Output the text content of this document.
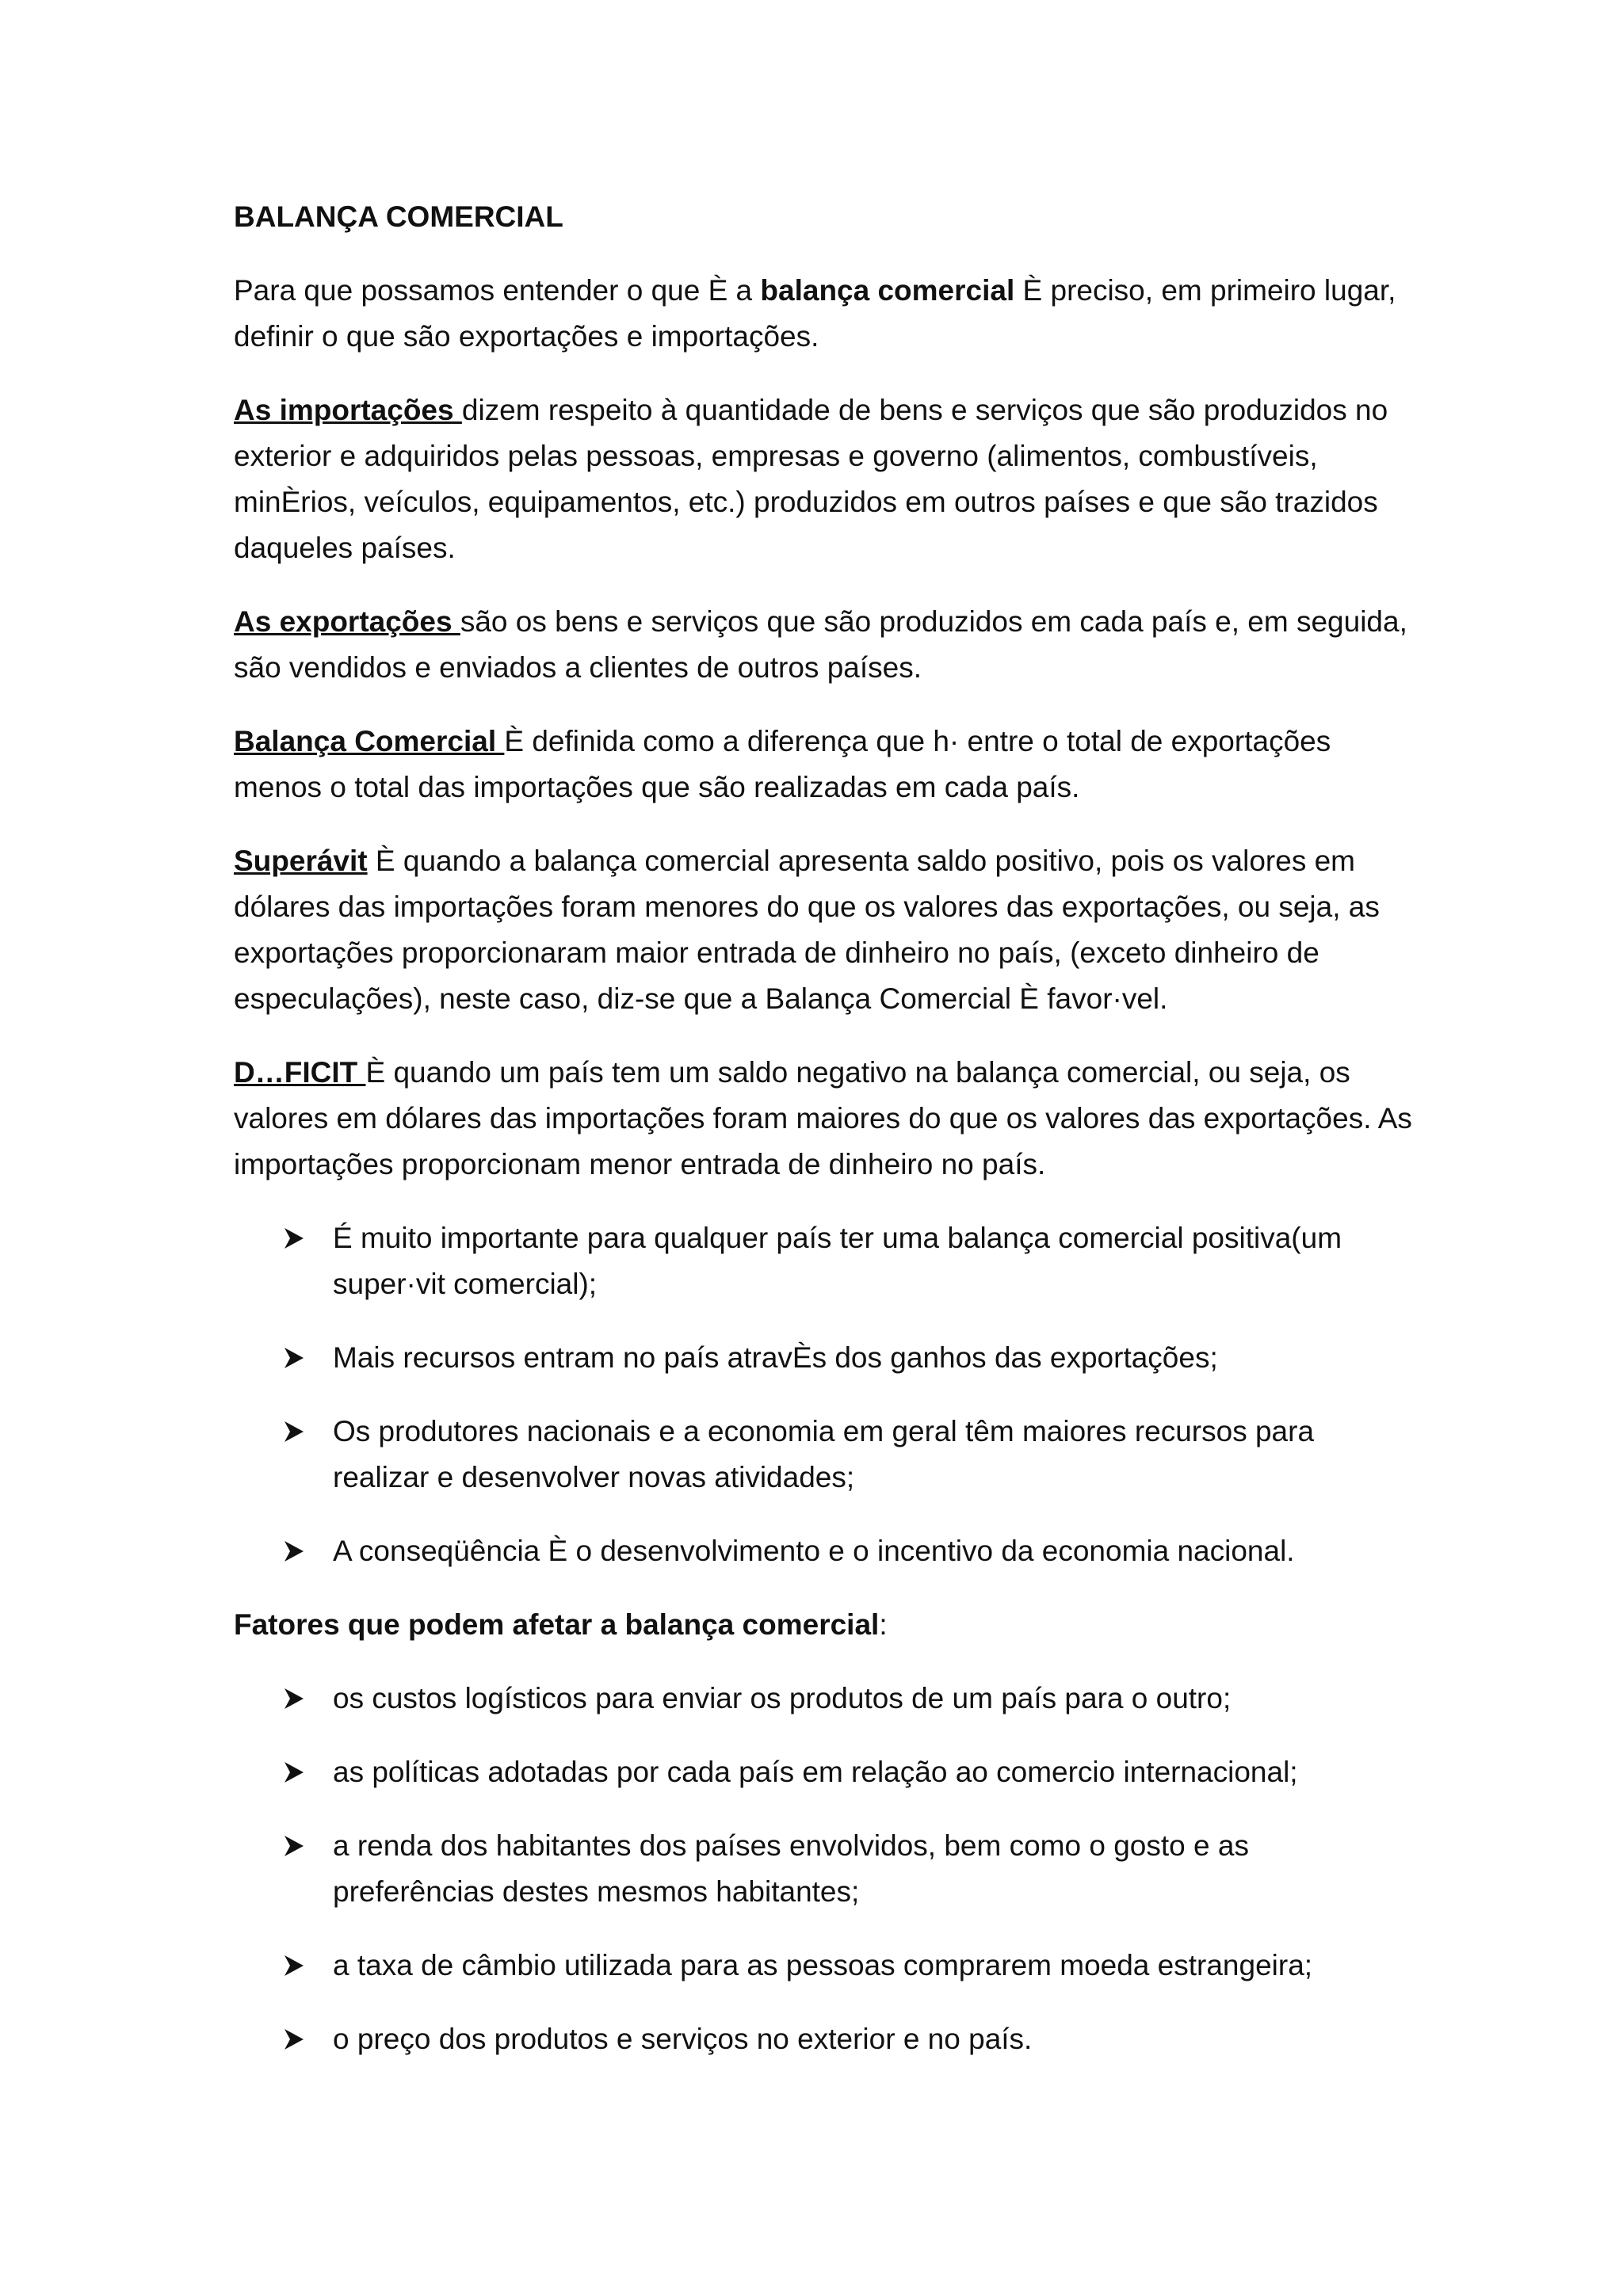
BALANÇA COMERCIAL

Para que possamos entender o que È a balança comercial È preciso, em primeiro lugar, definir o que são exportações e importações.

As importações dizem respeito à quantidade de bens e serviços que são produzidos no exterior e adquiridos pelas pessoas, empresas e governo (alimentos, combustíveis, minÈrios, veículos, equipamentos, etc.) produzidos em outros países e que são trazidos daqueles países.

As exportações são os bens e serviços que são produzidos em cada país e, em seguida, são vendidos e enviados a clientes de outros países.

Balança Comercial È definida como a diferença que h· entre o total de exportações menos o total das importações que são realizadas em cada país.

Superávit È quando a balança comercial apresenta saldo positivo, pois os valores em dólares das importações foram menores do que os valores das exportações, ou seja, as exportações proporcionaram maior entrada de dinheiro no país, (exceto dinheiro de especulações), neste caso, diz-se que a Balança Comercial È favor·vel.

D…FICIT È quando um país tem um saldo negativo na balança comercial, ou seja, os valores em dólares das importações foram maiores do que os valores das exportações. As importações proporcionam menor entrada de dinheiro no país.

É muito importante para qualquer país ter uma balança comercial positiva(um super·vit comercial);
Mais recursos entram no país atravÈs dos ganhos das exportações;
Os produtores nacionais e a economia em geral têm maiores recursos para realizar e desenvolver novas atividades;
A conseqüência È o desenvolvimento e o incentivo da economia nacional.

Fatores que podem afetar a balança comercial:

os custos logísticos para enviar os produtos de um país para o outro;
as políticas adotadas por cada país em relação ao comercio internacional;
a renda dos habitantes dos países envolvidos, bem como o gosto e as preferências destes mesmos habitantes;
a taxa de câmbio utilizada para as pessoas comprarem moeda estrangeira;
o preço dos produtos e serviços no exterior e no país.
